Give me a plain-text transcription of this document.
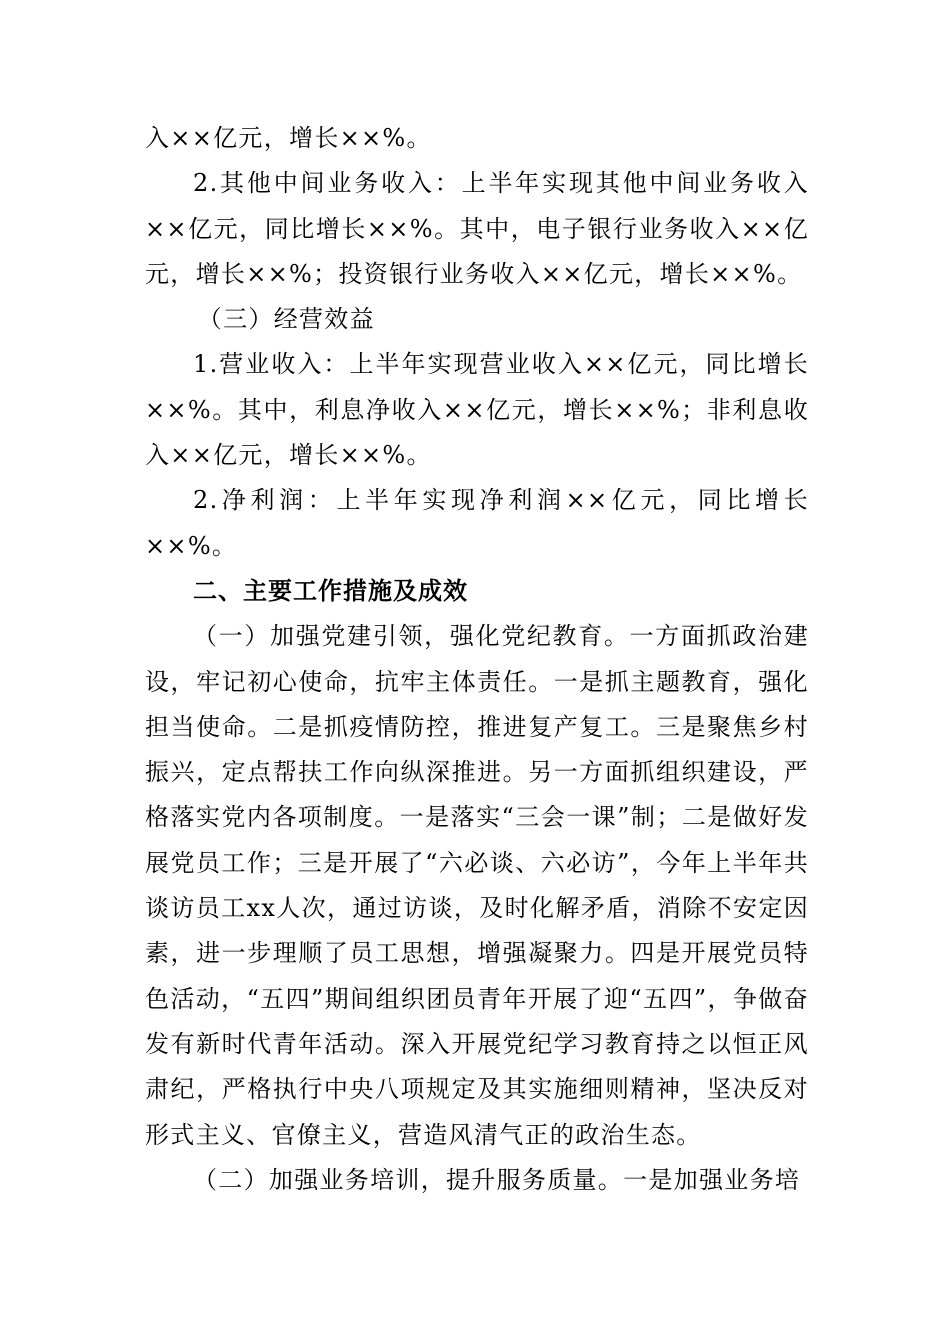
入××亿元，增长××%。

2.其他中间业务收入：上半年实现其他中间业务收入××亿元，同比增长××%。其中，电子银行业务收入××亿元，增长××%；投资银行业务收入××亿元，增长××%。

（三）经营效益

1.营业收入：上半年实现营业收入××亿元，同比增长××%。其中，利息净收入××亿元，增长××%；非利息收入××亿元，增长××%。

2.净利润：上半年实现净利润××亿元，同比增长××%。

二、主要工作措施及成效

（一）加强党建引领，强化党纪教育。一方面抓政治建设，牢记初心使命，抗牢主体责任。一是抓主题教育，强化担当使命。二是抓疫情防控，推进复产复工。三是聚焦乡村振兴，定点帮扶工作向纵深推进。另一方面抓组织建设，严格落实党内各项制度。一是落实“三会一课”制；二是做好发展党员工作；三是开展了“六必谈、六必访”，今年上半年共谈访员工xx人次，通过访谈，及时化解矛盾，消除不安定因素，进一步理顺了员工思想，增强凝聚力。四是开展党员特色活动，“五四”期间组织团员青年开展了迎“五四”，争做奋发有新时代青年活动。深入开展党纪学习教育持之以恒正风肃纪，严格执行中央八项规定及其实施细则精神，坚决反对形式主义、官僚主义，营造风清气正的政治生态。

（二）加强业务培训，提升服务质量。一是加强业务培
